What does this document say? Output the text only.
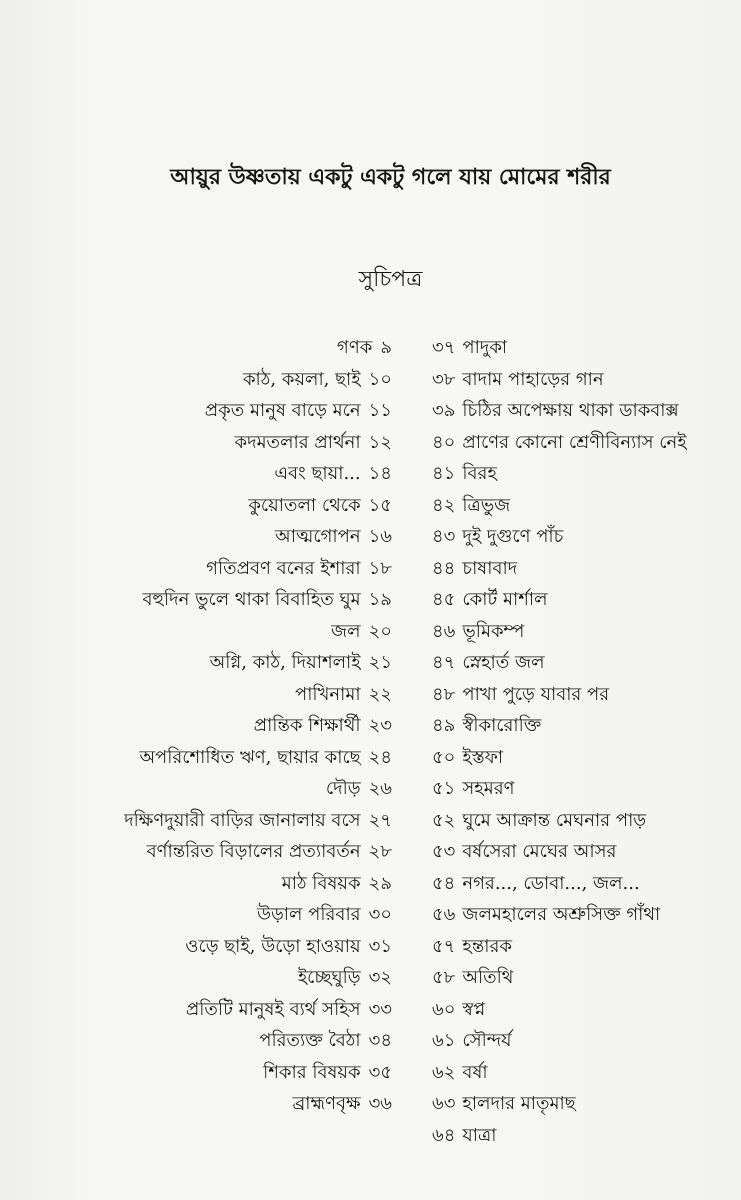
আয়ুর উষ্ণতায় একটু একটু গলে যায় মোমের শরীর
সুচিপত্র
গণক ৯
কাঠ, কয়লা, ছাই ১০
প্রকৃত মানুষ বাড়ে মনে ১১
কদমতলার প্রার্থনা ১২
এবং ছায়া... ১৪
কুয়োতলা থেকে ১৫
আত্মগোপন ১৬
গতিপ্রবণ বনের ইশারা ১৮
বহুদিন ভুলে থাকা বিবাহিত ঘুম ১৯
জল ২০
অগ্নি, কাঠ, দিয়াশলাই ২১
পাখিনামা ২২
প্রান্তিক শিক্ষার্থী ২৩
অপরিশোধিত ঋণ, ছায়ার কাছে ২৪
দৌড় ২৬
দক্ষিণদুয়ারী বাড়ির জানালায় বসে ২৭
বর্ণান্তরিত বিড়ালের প্রত্যাবর্তন ২৮
মাঠ বিষয়ক ২৯
উড়াল পরিবার ৩০
ওড়ে ছাই, উড়ো হাওয়ায় ৩১
ইচ্ছেঘুড়ি ৩২
প্রতিটি মানুষই ব্যর্থ সহিস ৩৩
পরিত্যক্ত বৈঠা ৩৪
শিকার বিষয়ক ৩৫
ব্রাহ্মণবৃক্ষ ৩৬
৩৭ পাদুকা
৩৮ বাদাম পাহাড়ের গান
৩৯ চিঠির অপেক্ষায় থাকা ডাকবাক্স
৪০ প্রাণের কোনো শ্রেণীবিন্যাস নেই
৪১ বিরহ
৪২ ত্রিভুজ
৪৩ দুই দুগুণে পাঁচ
৪৪ চাষাবাদ
৪৫ কোর্ট মার্শাল
৪৬ ভূমিকম্প
৪৭ স্নেহার্ত জল
৪৮ পাখা পুড়ে যাবার পর
৪৯ স্বীকারোক্তি
৫০ ইস্তফা
৫১ সহমরণ
৫২ ঘুমে আক্রান্ত মেঘনার পাড়
৫৩ বর্ষসেরা মেঘের আসর
৫৪ নগর..., ডোবা..., জল...
৫৬ জলমহালের অশ্রুসিক্ত গাঁথা
৫৭ হন্তারক
৫৮ অতিথি
৬০ স্বপ্ন
৬১ সৌন্দর্য
৬২ বর্ষা
৬৩ হালদার মাতৃমাছ
৬৪ যাত্রা
